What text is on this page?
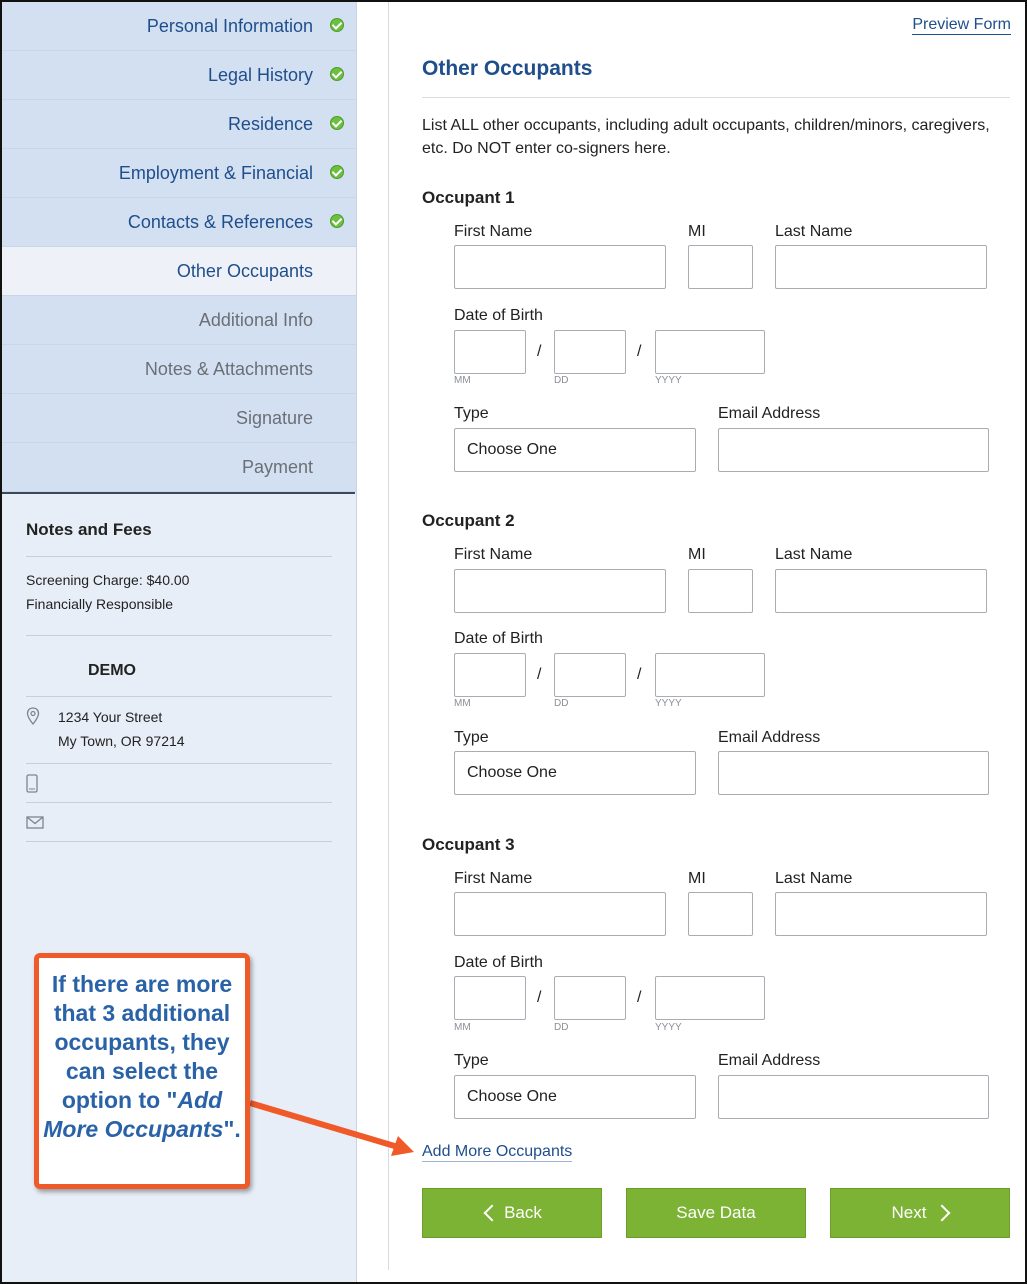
Personal Information
Legal History
Residence
Employment & Financial
Contacts & References
Other Occupants
Additional Info
Notes & Attachments
Signature
Payment
Notes and Fees
Screening Charge: $40.00
Financially Responsible
DEMO
1234 Your Street
My Town, OR 97214
Preview Form
Other Occupants

List ALL other occupants, including adult occupants, children/minors, caregivers, etc. Do NOT enter co-signers here.

Occupant 1
First Name	MI	Last Name
Date of Birth
/	/
MM	DD	YYYY
Type	Email Address
Choose One
Occupant 2
First Name	MI	Last Name
Date of Birth
/	/
MM	DD	YYYY
Type	Email Address
Choose One
Occupant 3
First Name	MI	Last Name
Date of Birth
/	/
MM	DD	YYYY
Type	Email Address
Choose One
Add More Occupants
Back	Save Data	Next
If there are more that 3 additional occupants, they can select the option to "Add More Occupants".
